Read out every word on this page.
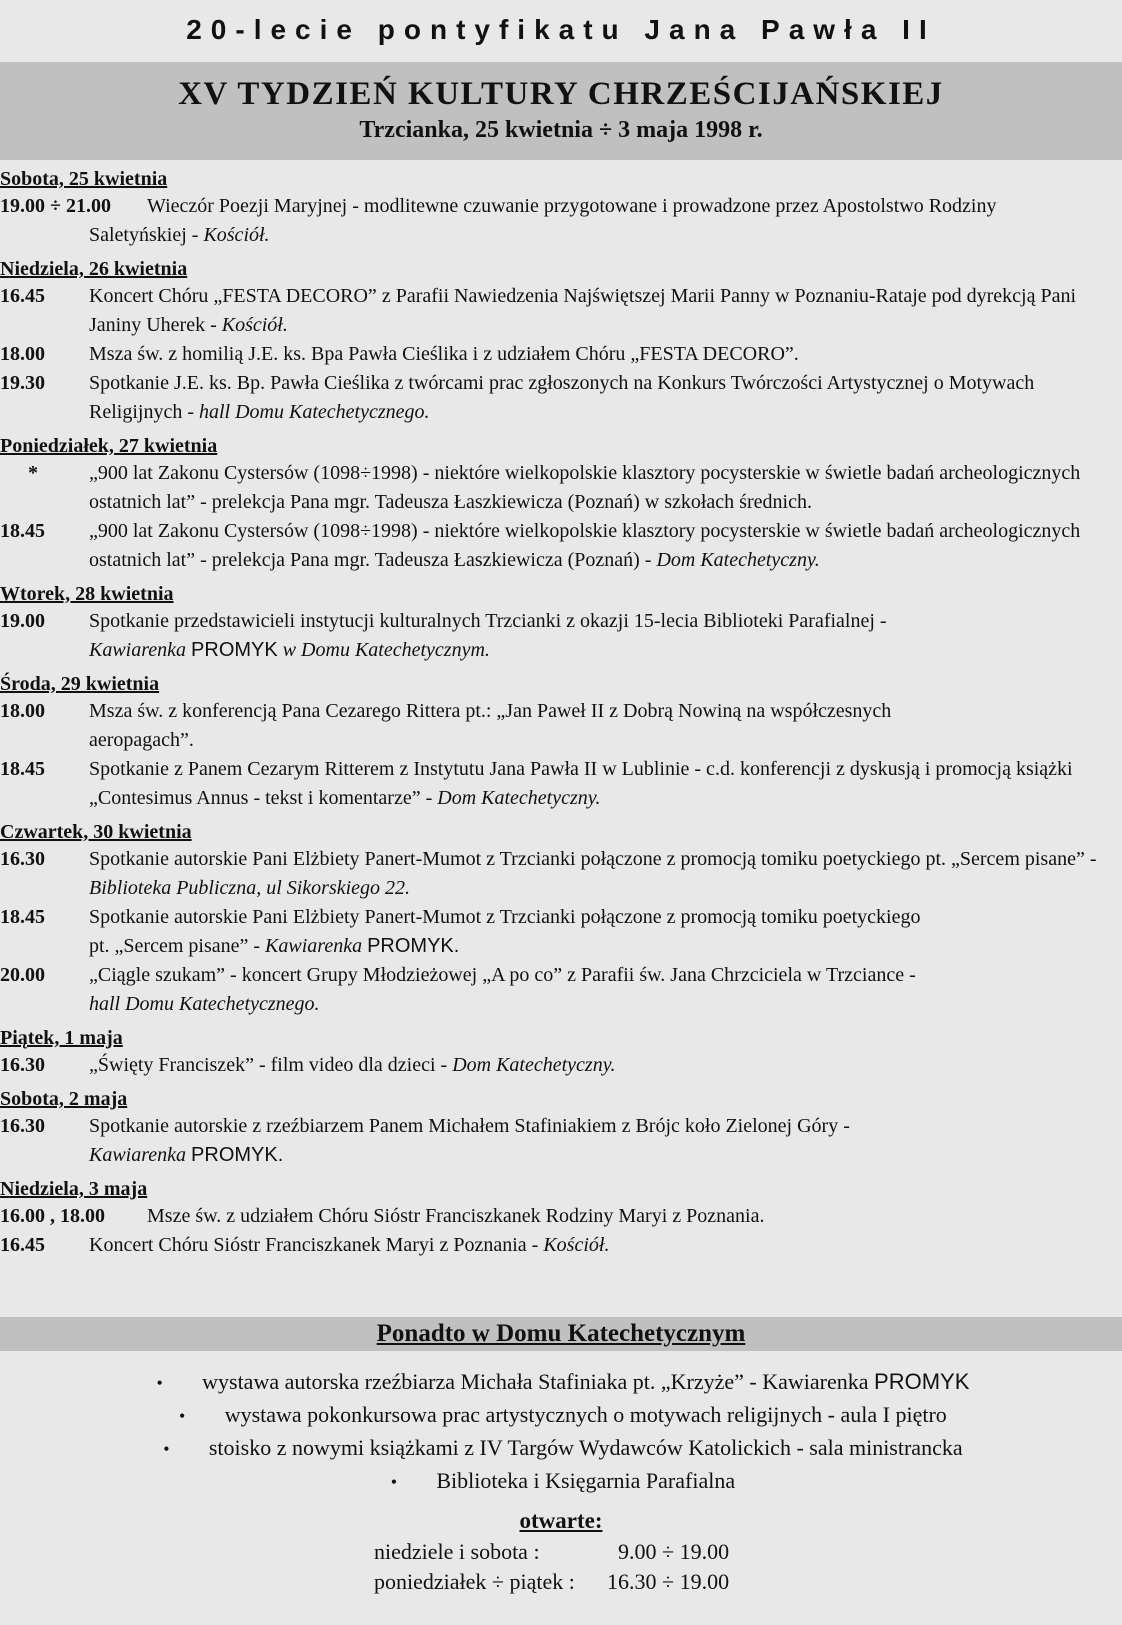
20-lecie pontyfikatu Jana Pawła II
XV TYDZIEŃ KULTURY CHRZEŚCIJAŃSKIEJ
Trzcianka, 25 kwietnia ÷ 3 maja 1998 r.
Sobota, 25 kwietnia
19.00 ÷ 21.00 Wieczór Poezji Maryjnej - modlitewne czuwanie przygotowane i prowadzone przez Apostolstwo Rodziny
Saletyńskiej - Kościół.
Niedziela, 26 kwietnia
16.45 Koncert Chóru „FESTA DECORO” z Parafii Nawiedzenia Najświętszej Marii Panny w Poznaniu-Rataje pod dyrekcją Pani Janiny Uherek - Kościół.
18.00 Msza św. z homilią J.E. ks. Bpa Pawła Cieślika i z udziałem Chóru „FESTA DECORO”.
19.30 Spotkanie J.E. ks. Bp. Pawła Cieślika z twórcami prac zgłoszonych na Konkurs Twórczości Artystycznej o Motywach Religijnych - hall Domu Katechetycznego.
Poniedziałek, 27 kwietnia
*	„900 lat Zakonu Cystersów (1098÷1998) - niektóre wielkopolskie klasztory pocysterskie w świetle badań archeologicznych ostatnich lat” - prelekcja Pana mgr. Tadeusza Łaszkiewicza (Poznań) w szkołach średnich.
18.45 „900 lat Zakonu Cystersów (1098÷1998) - niektóre wielkopolskie klasztory pocysterskie w świetle badań archeologicznych ostatnich lat” - prelekcja Pana mgr. Tadeusza Łaszkiewicza (Poznań) - Dom Katechetyczny.
Wtorek, 28 kwietnia
19.00 Spotkanie przedstawicieli instytucji kulturalnych Trzcianki z okazji 15-lecia Biblioteki Parafialnej -
Kawiarenka PROMYK w Domu Katechetycznym.
Środa, 29 kwietnia
18.00 Msza św. z konferencją Pana Cezarego Rittera pt.: „Jan Paweł II z Dobrą Nowiną na współczesnych aeropagach”.
18.45 Spotkanie z Panem Cezarym Ritterem z Instytutu Jana Pawła II w Lublinie - c.d. konferencji z dyskusją i promocją książki „Contesimus Annus - tekst i komentarze” - Dom Katechetyczny.
Czwartek, 30 kwietnia
16.30 Spotkanie autorskie Pani Elżbiety Panert-Mumot z Trzcianki połączone z promocją tomiku poetyckiego pt. „Sercem pisane” - Biblioteka Publiczna, ul Sikorskiego 22.
18.45 Spotkanie autorskie Pani Elżbiety Panert-Mumot z Trzcianki połączone z promocją tomiku poetyckiego pt. „Sercem pisane” - Kawiarenka PROMYK.
20.00 „Ciągle szukam” - koncert Grupy Młodzieżowej „A po co” z Parafii św. Jana Chrzciciela w Trzciance - hall Domu Katechetycznego.
Piątek, 1 maja
16.30 „Święty Franciszek” - film video dla dzieci - Dom Katechetyczny.
Sobota, 2 maja
16.30 Spotkanie autorskie z rzeźbiarzem Panem Michałem Stafiniakiem z Brójc koło Zielonej Góry -
Kawiarenka PROMYK.
Niedziela, 3 maja
16.00 , 18.00 Msze św. z udziałem Chóru Sióstr Franciszkanek Rodziny Maryi z Poznania.
16.45 Koncert Chóru Sióstr Franciszkanek Maryi z Poznania - Kościół.
Ponadto w Domu Katechetycznym
• wystawa autorska rzeźbiarza Michała Stafiniaka pt. „Krzyże” - Kawiarenka PROMYK
• wystawa pokonkursowa prac artystycznych o motywach religijnych - aula I piętro
• stoisko z nowymi książkami z IV Targów Wydawców Katolickich - sala ministrancka
• Biblioteka i Księgarnia Parafialna
otwarte:
niedziele i sobota :	9.00 ÷ 19.00
poniedziałek ÷ piątek : 16.30 ÷ 19.00
